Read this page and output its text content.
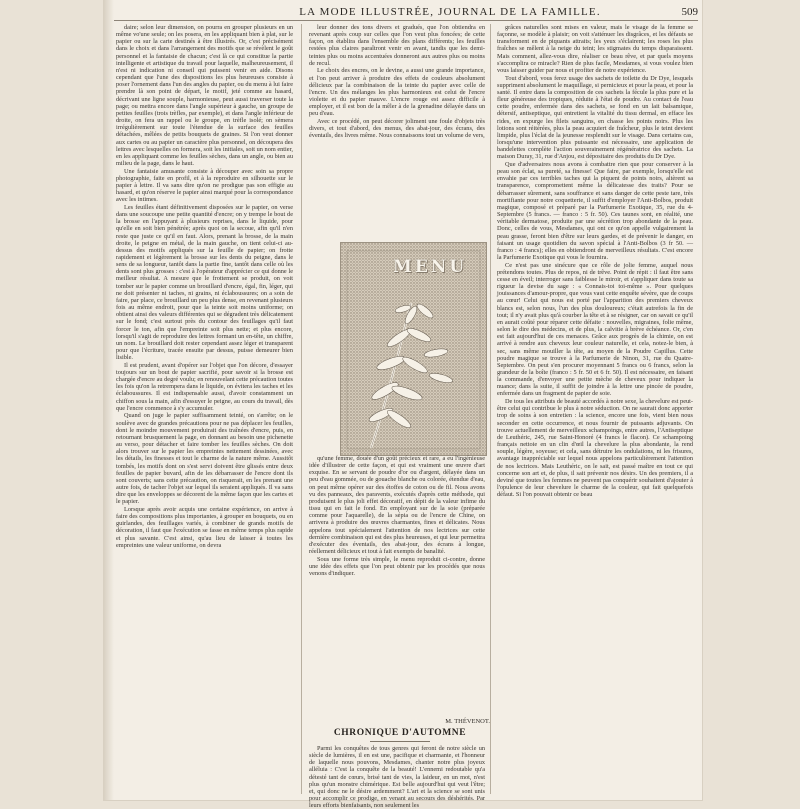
LA MODE ILLUSTRÉE, JOURNAL DE LA FAMILLE.	509

daire; selon leur dimension, on pourra en grouper plusieurs en un même vo'une seule; on les posera, en les appliquant bien à plat, sur le papier ou sur la carte destinés à être illustrés. Or, c'est précisément dans le choix et dans l'arrangement des motifs que se révèlent le goût personnel et la fantaisie de chacun; c'est là ce qui constitue la partie intelligente et artistique du travail pour laquelle, malheureusement, il n'est ni indication ni conseil qui puissent venir en aide. Disons cependant que l'une des dispositions les plus heureuses consiste à poser l'ornement dans l'un des angles du papier, ou du menu à lui faire prendre là son point de départ, le motif, jeté comme au hasard, décrivant une ligne souple, harmonieuse, peut aussi traverser toute la page; ou mettra encore dans l'angle supérieur à gauche, un groupe de petites feuilles (trois trèfles, par exemple), et dans l'angle inférieur de droite, on fera un rappel ou le groupe, en trèfle isolé; on sèmera irrégulièrement sur toute l'étendue de la surface des feuilles détachées, mêlées de petits bouquets de graines. Si l'on veut donner aux cartes ou au papier un caractère plus personnel, on découpera des lettres avec lesquelles on formera, soit les initiales, soit un nom entier, en les appliquant comme les feuilles sèches, dans un angle, ou bien au milieu de la page, dans le haut.

Une fantaisie amusante consiste à découper avec soin sa propre photographie, faite en profil, et à la reproduire en silhouette sur le papier à lettre. Il va sans dire qu'on ne prodigue pas son effigie au hasard, et qu'on réserve le papier ainsi marqué pour la correspondance avec les intimes.

Les feuilles étant définitivement disposées sur le papier, on verse dans une soucoupe une petite quantité d'encre; on y trempe le bout de la brosse en l'appuyant à plusieurs reprises, dans le liquide, pour qu'elle en soit bien pénétrée; après quoi on la secoue, afin qu'il n'en reste que juste ce qu'il en faut. Alors, prenant la brosse, de la main droite, le peigne en métal, de la main gauche, on tient celui-ci au-dessus des motifs appliqués sur la feuille de papier; on frotte rapidement et légèrement la brosse sur les dents du peigne, dans le sens de sa longueur, tantôt dans la partie fine, tantôt dans celle où les dents sont plus grosses : c'est à l'opérateur d'apprécier ce qui donne le meilleur résultat. A mesure que le frottement se produit, on voit tomber sur le papier comme un brouillard d'encre, égal, fin, léger, qui ne doit présenter ni taches, ni grains, ni éclaboussures; on a soin de faire, par place, ce brouillard un peu plus dense, en revenant plusieurs fois au même endroit, pour que la teinte soit moins uniforme; on obtient ainsi des valeurs différentes qui se dégradent très délicatement sur le fond; c'est surtout près du contour des feuillages qu'il faut forcer le ton, afin que l'empreinte soit plus nette; et plus encore, lorsqu'il s'agit de reproduire des lettres formant un en-tête, un chiffre, un nom. Le brouillard doit rester cependant assez léger et transparent pour que l'écriture, tracée ensuite par dessus, puisse demeurer bien lisible.

Il est prudent, avant d'opérer sur l'objet que l'on décore, d'essayer toujours sur un bout de papier sacrifié, pour savoir si la brosse est chargée d'encre au degré voulu; en renouvelant cette précaution toutes les fois qu'on la retrempera dans le liquide, on évitera les taches et les éclaboussures. Il est indispensable aussi, d'avoir constamment un chiffon sous la main, afin d'essuyer le peigne, au cours du travail, dès que l'encre commence à s'y accumuler.

Quand on juge le papier suffisamment teinté, on s'arrête; on le soulève avec de grandes précautions pour ne pas déplacer les feuilles, dont le moindre mouvement produirait des traînées d'encre, puis, en retournant brusquement la page, en donnant au besoin une pichenette au verso, pour détacher et faire tomber les feuilles sèches. On doit alors trouver sur le papier les empreintes nettement dessinées, avec les détails, les finesses et tout le charme de la nature même. Aussitôt tombés, les motifs dont on s'est servi doivent être glissés entre deux feuilles de papier buvard, afin de les débarrasser de l'encre dont ils sont couverts; sans cette précaution, on risquerait, en les prenant une autre fois, de tacher l'objet sur lequel ils seraient appliqués. Il va sans dire que les enveloppes se décorent de la même façon que les cartes et le papier.

Lorsque après avoir acquis une certaine expérience, on arrive à faire des compositions plus importantes, à grouper en bouquets, ou en guirlandes, des feuillages variés, à combiner de grands motifs de décoration, il faut que l'exécution se fasse en même temps plus rapide et plus savante. C'est ainsi, qu'au lieu de laisser à toutes les empreintes une valeur uniforme, on devra

leur donner des tons divers et gradués, que l'on obtiendra en revenant après coup sur celles que l'on veut plus foncées; de cette façon, on établira dans l'ensemble des plans différents; les feuilles restées plus claires paraîtront venir en avant, tandis que les demi-teintes plus ou moins accentuées donneront aux autres plus ou moins de recul.

Le choix des encres, on le devine, a aussi une grande importance, et l'on peut arriver à produire des effets de couleurs absolument délicieux par la combinaison de la teinte du papier avec celle de l'encre. Un des mélanges les plus harmonieux est celui de l'encre violette et du papier mauve. L'encre rouge est assez difficile à employer, et il est bon de la mêler à de la grenadine délayée dans un peu d'eau.

Avec ce procédé, on peut décorer joliment une foule d'objets très divers, et tout d'abord, des menus, des abat-jour, des écrans, des éventails, des livres même. Nous connaissons tout un volume de vers,

MENU

qu'une femme, douée d'un goût précieux et rare, a eu l'ingénieuse idée d'illustrer de cette façon, et qui est vraiment une œuvre d'art exquise. En se servant de poudre d'or ou d'argent, délayée dans un peu d'eau gommée, ou de gouache blanche ou colorée, étendue d'eau, on peut même opérer sur des étoffes de coton ou de fil. Nous avons vu des panneaux, des paravents, exécutés d'après cette méthode, qui produisent le plus joli effet décoratif, en dépit de la valeur infime du tissu qui en fait le fond. En employant sur de la soie (préparée comme pour l'aquarelle), de la sépia ou de l'encre de Chine, on arrivera à produire des œuvres charmantes, fines et délicates. Nous appelons tout spécialement l'attention de nos lectrices sur cette dernière combinaison qui est des plus heureuses, et qui leur permettra d'exécuter des éventails, des abat-jour, des écrans à longue, réellement délicieux et tout à fait exempts de banalité.

Sous une forme très simple, le menu reproduit ci-contre, donne une idée des effets que l'on peut obtenir par les procédés que nous venons d'indiquer.

M. THÉVENOT.
CHRONIQUE D'AUTOMNE

Parmi les conquêtes de tous genres qui feront de notre siècle un siècle de lumières, il en est une, pacifique et charmante, et l'honneur de laquelle nous pouvons, Mesdames, chanter notre plus joyeux alléluia : C'est la conquête de la beauté! L'ennemi redoutable qu'a détesté tant de cœurs, brisé tant de vies, la laideur, en un mot, n'est plus qu'un monstre chimérique. Est belle aujourd'hui qui veut l'être; et, qui donc ne le désire ardemment? L'art et la science se sont unis pour accomplir ce prodige, en venant au secours des déshérités. Par leurs efforts bienfaisants, non seulement les

grâces naturelles sont mises en valeur, mais le visage de la femme se façonne, se modèle à plaisir; on voit s'atténuer les disgrâces, et les défauts se transforment en de piquants attraits; les yeux s'éclairent; les roses les plus fraîches se mêlent à la neige du teint; les stigmates du temps disparaissent. Mais comment, allez-vous dire, réaliser ce beau rêve, et par quels moyens s'accomplira ce miracle? Rien de plus facile, Mesdames, si vous voulez bien vous laisser guider par nous et profiter de notre expérience.

Tout d'abord, vous ferez usage des sachets de toilette du Dr Dye, lesquels suppriment absolument le maquillage, si pernicieux et pour la peau, et pour la santé. Il entre dans la composition de ces sachets la fécule la plus pure et la fleur généreuse des tropiques, réduite à l'état de poudre. Au contact de l'eau cette poudre, enfermée dans des sachets, se fond en un lait balsamique, détersif, antiseptique, qui entretient la vitalité du tissu dermal, en efface les rides, en expurge les filets sanguins, en chasse les points noirs. Plus les lotions sont réitérées, plus la peau acquiert de fraîcheur, plus le teint devient limpide, plus l'éclat de la jeunesse resplendit sur le visage. Dans certains cas, lorsqu'une intervention plus puissante est nécessaire, une application de bandelettes complète l'action souverainement régénératrice des sachets. La maison Duray, 31, rue d'Anjou, est dépositaire des produits du Dr Dye.

Que d'adversaires nous avons à combattre rien que pour conserver à la peau son éclat, sa pureté, sa finesse! Que faire, par exemple, lorsqu'elle est envahie par ces terribles taches qui la piquent de points noirs, altèrent sa transparence, compromettent même la délicatesse des traits? Pour se débarrasser sûrement, sans souffrance et sans danger de cette peste tare, très mortifiante pour notre coquetterie, il suffit d'employer l'Anti-Bolbos, produit magique, composé et préparé par la Parfumerie Exotique, 35, rue du 4-Septembre (5 francs. — franco : 5 fr. 50). Ces taunes sont, en réalité, une véritable dermatose, produite par une sécrétion trop abondante de la peau. Donc, celles de vous, Mesdames, qui ont ce qu'on appelle vulgairement la peau grasse, feront bien d'être sur leurs gardes, et de prévenir le danger, en faisant un usage quotidien du savon spécial à l'Anti-Bolbos (3 fr 50. — franco : 4 francs); elles en obtiendront de merveilleux résultats. C'est encore la Parfumerie Exotique qui vous le fournira.

Ce n'est pas une sinécure que ce rôle de jolie femme, auquel nous prétendons toutes. Plus de repos, ni de trêve. Point de répit : il faut être sans cesse en éveil; interroger sans faiblesse le miroir, et s'appliquer dans toute sa rigueur la devise du sage : « Connais-toi toi-même ». Pour quelques jouissances d'amour-propre, que vous vaut cette enquête sévère, que de coups au cœur! Celui qui nous est porté par l'apparition des premiers cheveux blancs est, selon nous, l'un des plus douloureux; c'était autrefois la fin de tout; il n'y avait plus qu'à courber la tête et à se résigner, car on savait ce qu'il en aurait coûté pour réparer cette défaite : nouvelles, migraines, folie même, selon le dire des médecins, et de plus, la calvitie à brève échéance. Or, c'en est fait aujourd'hui de ces menaces. Grâce aux progrès de la chimie, on est arrivé à rendre aux cheveux leur couleur naturelle, et cela, notez-le bien, à sec, sans même mouiller la tête, au moyen de la Poudre Capillus. Cette poudre magique se trouve à la Parfumerie de Ninon, 31, rue du Quatre-Septembre. On peut s'en procurer moyennant 5 francs ou 6 francs, selon la grandeur de la boîte (franco : 5 fr. 50 et 6 fr. 50). Il est nécessaire, en faisant la commande, d'envoyer une petite mèche de cheveux pour indiquer la nuance; dans la suite, il suffit de joindre à la lettre une pincée de poudre, enfermée dans un fragment de papier de soie.

De tous les attributs de beauté accordés à notre sexe, la chevelure est peut-être celui qui contribue le plus à notre séduction. On ne saurait donc apporter trop de soins à son entretien : la science, encore une fois, vient bien nous seconder en cette occurrence, et nous fournir de puissants adjuvants. On trouve actuellement de merveilleux schampoings, entre autres, l'Antiseptique de Leuthéric, 245, rue Saint-Honoré (4 francs le flacon). Ce schampoing français nettoie en un clin d'œil la chevelure la plus abondante, la rend souple, légère, soyeuse; et cela, sans détruire les ondulations, ni les frisures, avantage inappréciable sur lequel nous appelons particulièrement l'attention de nos lectrices. Mais Leuthéric, on le sait, est passé maître en tout ce qui concerne son art et, de plus, il sait prévenir nos désirs. Un des premiers, il a deviné que toutes les femmes ne peuvent pas conquérir souhaitent d'ajouter à l'opulence de leur chevelure le charme de la couleur, qui fait quelquefois défaut. Si l'on pouvait obtenir ce beau
